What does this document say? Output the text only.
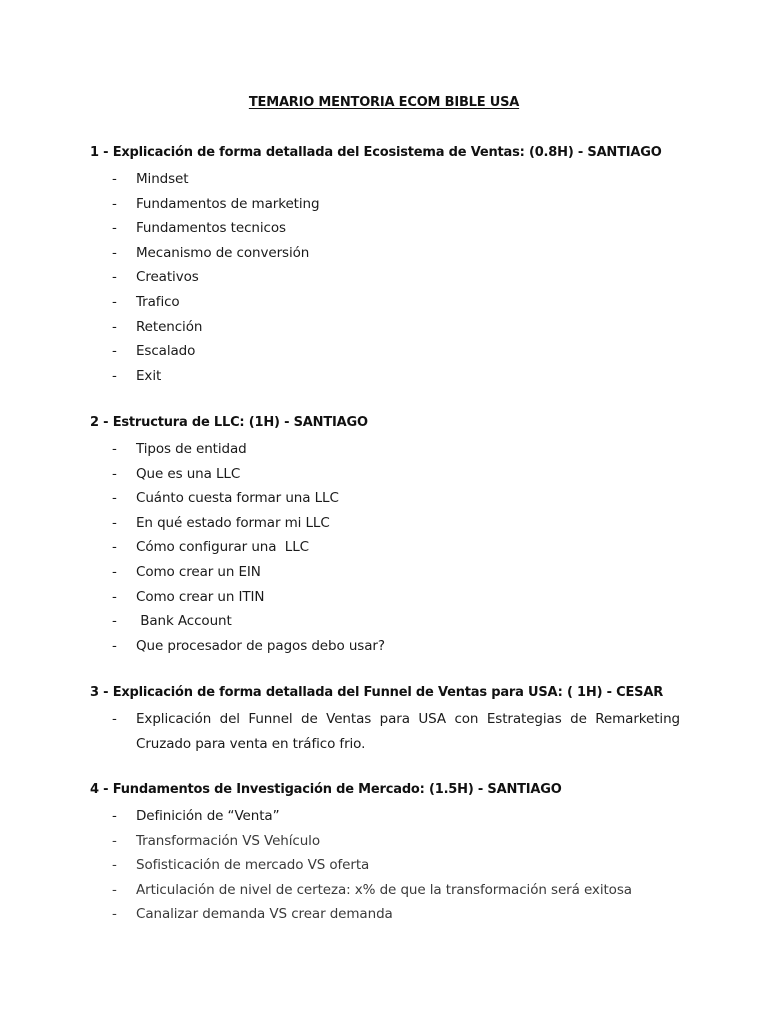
TEMARIO MENTORIA ECOM BIBLE USA
1 - Explicación de forma detallada del Ecosistema de Ventas: (0.8H) - SANTIAGO
- Mindset
- Fundamentos de marketing
- Fundamentos tecnicos
- Mecanismo de conversión
- Creativos
- Trafico
- Retención
- Escalado
- Exit
2 - Estructura de LLC: (1H) - SANTIAGO
- Tipos de entidad
- Que es una LLC
- Cuánto cuesta formar una LLC
- En qué estado formar mi LLC
- Cómo configurar una  LLC
- Como crear un EIN
- Como crear un ITIN
- Bank Account
- Que procesador de pagos debo usar?
3 - Explicación de forma detallada del Funnel de Ventas para USA: ( 1H) - CESAR
- Explicación del Funnel de Ventas para USA con Estrategias de Remarketing Cruzado para venta en tráfico frio.
4 - Fundamentos de Investigación de Mercado: (1.5H) - SANTIAGO
- Definición de “Venta”
- Transformación VS Vehículo
- Sofisticación de mercado VS oferta
- Articulación de nivel de certeza: x% de que la transformación será exitosa
- Canalizar demanda VS crear demanda
